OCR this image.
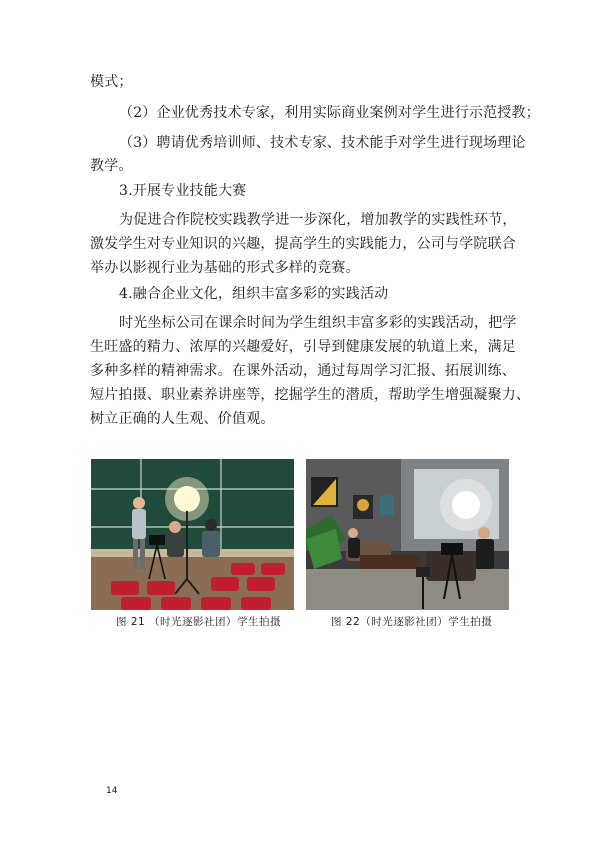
模式；
（2）企业优秀技术专家，利用实际商业案例对学生进行示范授教；
（3）聘请优秀培训师、技术专家、技术能手对学生进行现场理论
教学。
3.开展专业技能大赛
为促进合作院校实践教学进一步深化，增加教学的实践性环节，
激发学生对专业知识的兴趣，提高学生的实践能力，公司与学院联合
举办以影视行业为基础的形式多样的竞赛。
4.融合企业文化，组织丰富多彩的实践活动
时光坐标公司在课余时间为学生组织丰富多彩的实践活动，把学
生旺盛的精力、浓厚的兴趣爱好，引导到健康发展的轨道上来，满足
多种多样的精神需求。在课外活动，通过每周学习汇报、拓展训练、
短片拍摄、职业素养讲座等，挖掘学生的潜质，帮助学生增强凝聚力、
树立正确的人生观、价值观。
图 21 （时光逐影社团）学生拍摄	图 22（时光逐影社团）学生拍摄
14
